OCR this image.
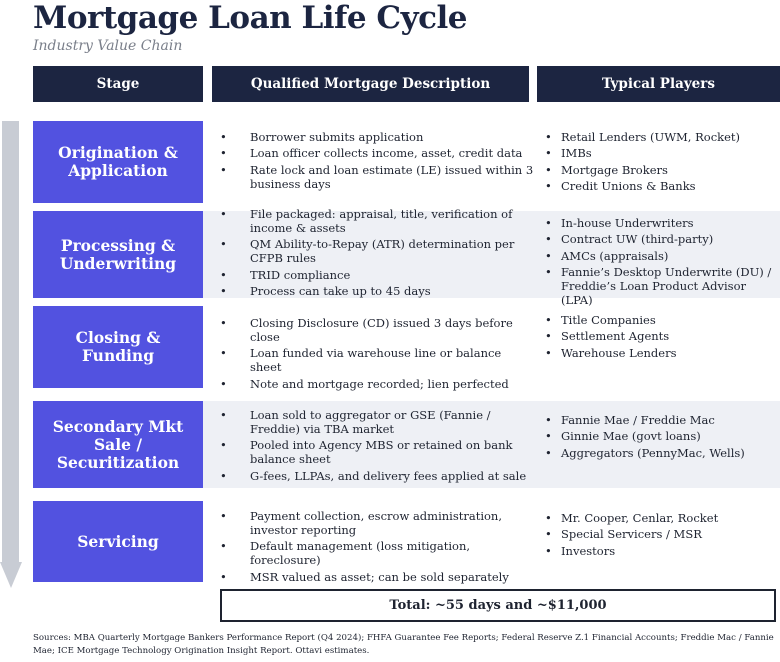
Mortgage Loan Life Cycle
Industry Value Chain
Stage	Qualified Mortgage Description	Typical Players
Origination & Application
• Borrower submits application
• Loan officer collects income, asset, credit data
• Rate lock and loan estimate (LE) issued within 3 business days
• Retail Lenders (UWM, Rocket)
• IMBs
• Mortgage Brokers
• Credit Unions & Banks
Processing & Underwriting
• File packaged: appraisal, title, verification of income & assets
• QM Ability-to-Repay (ATR) determination per CFPB rules
• TRID compliance
• Process can take up to 45 days
• In-house Underwriters
• Contract UW (third-party)
• AMCs (appraisals)
• Fannie’s Desktop Underwrite (DU) / Freddie’s Loan Product Advisor (LPA)
Closing & Funding
• Closing Disclosure (CD) issued 3 days before close
• Loan funded via warehouse line or balance sheet
• Note and mortgage recorded; lien perfected
• Title Companies
• Settlement Agents
• Warehouse Lenders
Secondary Mkt Sale / Securitization
• Loan sold to aggregator or GSE (Fannie / Freddie) via TBA market
• Pooled into Agency MBS or retained on bank balance sheet
• G-fees, LLPAs, and delivery fees applied at sale
• Fannie Mae / Freddie Mac
• Ginnie Mae (govt loans)
• Aggregators (PennyMac, Wells)
Servicing
• Payment collection, escrow administration, investor reporting
• Default management (loss mitigation, foreclosure)
• MSR valued as asset; can be sold separately
• Mr. Cooper, Cenlar, Rocket
• Special Servicers / MSR
• Investors
Total: ~55 days and ~$11,000
Sources: MBA Quarterly Mortgage Bankers Performance Report (Q4 2024); FHFA Guarantee Fee Reports; Federal Reserve Z.1 Financial Accounts; Freddie Mac / Fannie Mae; ICE Mortgage Technology Origination Insight Report. Ottavi estimates.
